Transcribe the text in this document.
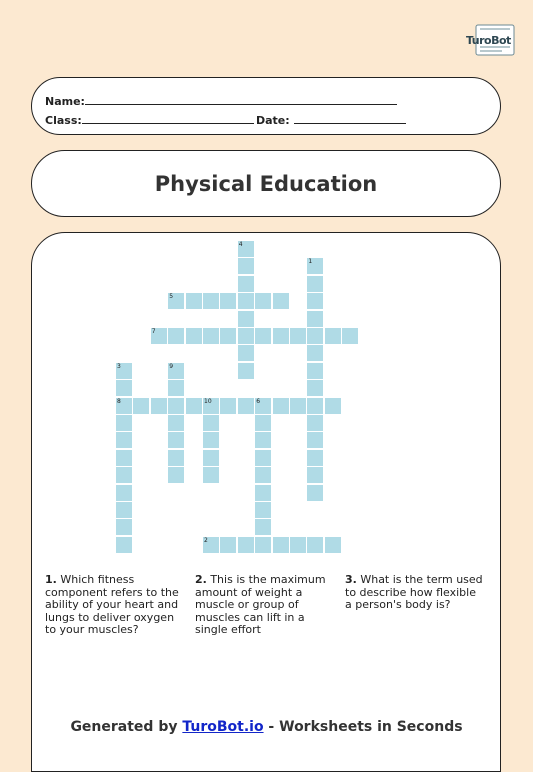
TuroBot
Name:
Class:	Date:
Physical Education
1
2
3
8
4
5
6
7
10
9
1. Which fitness component refers to the ability of your heart and lungs to deliver oxygen to your muscles?
2. This is the maximum amount of weight a muscle or group of muscles can lift in a single effort
3. What is the term used to describe how flexible a person's body is?
Generated by TuroBot.io - Worksheets in Seconds
